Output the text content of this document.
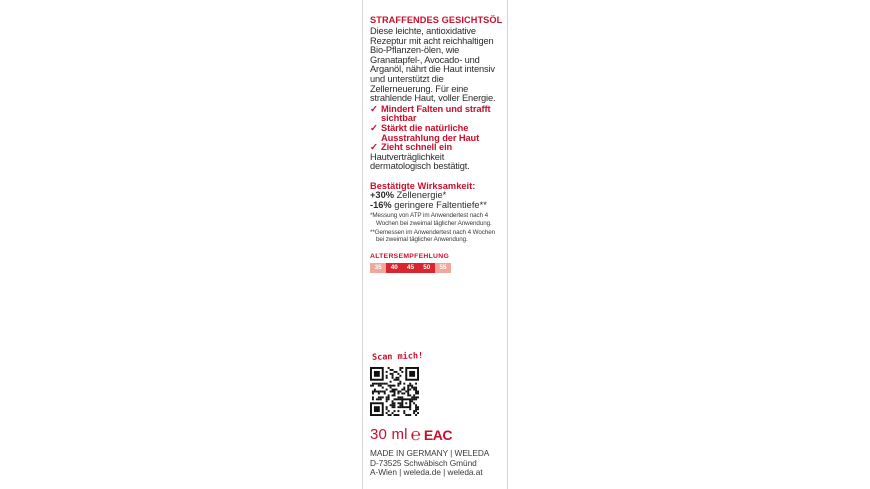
STRAFFENDES GESICHTSÖL

Diese leichte, antioxidative Rezeptur mit acht reichhaltigen Bio-Pflanzen-ölen, wie Granatapfel-, Avocado- und Arganöl, nährt die Haut intensiv und unterstützt die Zellerneuerung. Für eine strahlende Haut, voller Energie.

✓ Mindert Falten und strafft sichtbar
✓ Stärkt die natürliche Ausstrahlung der Haut
✓ Zieht schnell ein

Hautverträglichkeit dermatologisch bestätigt.

Bestätigte Wirksamkeit:

+30% Zellenergie*

-16% geringere Faltentiefe**

*Messung von ATP im Anwendertest nach 4 Wochen bei zweimal täglicher Anwendung.

**Gemessen im Anwendertest nach 4 Wochen bei zweimal täglicher Anwendung.

ALTERSEMPFEHLUNG

35	40	45	50	55
Scan mich!
30 ml ℮ EAC
MADE IN GERMANY | WELEDA
D-73525 Schwäbisch Gmünd
A-Wien | weleda.de | weleda.at
